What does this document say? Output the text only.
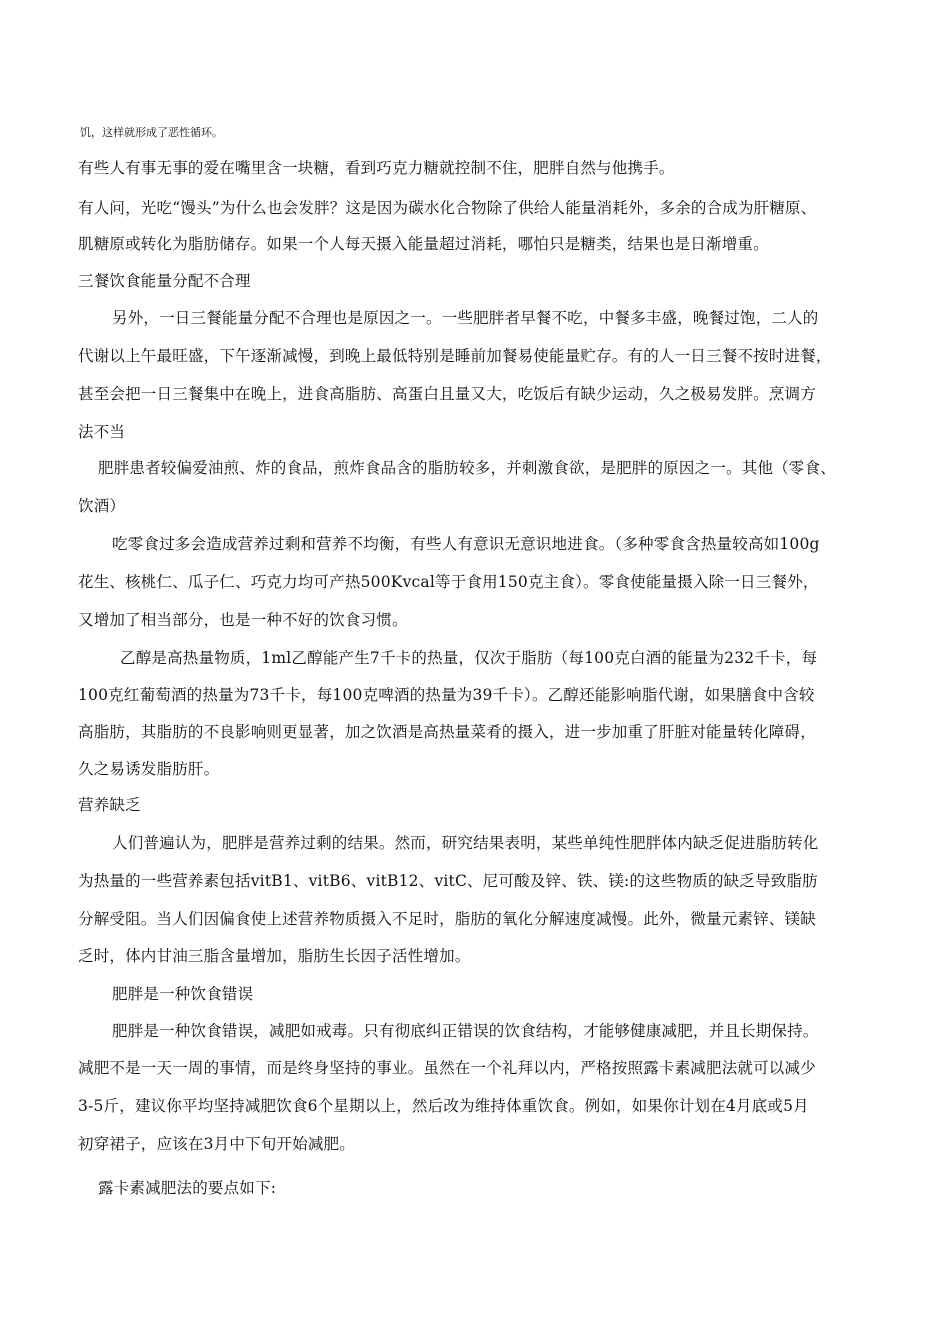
饥，这样就形成了恶性循环。
有些人有事无事的爱在嘴里含一块糖，看到巧克力糖就控制不住，肥胖自然与他携手。
有人问，光吃“馒头”为什么也会发胖？这是因为碳水化合物除了供给人能量消耗外，多余的合成为肝糖原、
肌糖原或转化为脂肪储存。如果一个人每天摄入能量超过消耗，哪怕只是糖类，结果也是日渐增重。
三餐饮食能量分配不合理
另外，一日三餐能量分配不合理也是原因之一。一些肥胖者早餐不吃，中餐多丰盛，晚餐过饱，二人的
代谢以上午最旺盛，下午逐渐减慢，到晚上最低特别是睡前加餐易使能量贮存。有的人一日三餐不按时进餐，
甚至会把一日三餐集中在晚上，进食高脂肪、高蛋白且量又大，吃饭后有缺少运动，久之极易发胖。烹调方
法不当
肥胖患者较偏爱油煎、炸的食品，煎炸食品含的脂肪较多，并刺激食欲，是肥胖的原因之一。其他（零食、
饮酒）
吃零食过多会造成营养过剩和营养不均衡，有些人有意识无意识地进食。（多种零食含热量较高如100g
花生、核桃仁、瓜子仁、巧克力均可产热500Kvcal等于食用150克主食）。零食使能量摄入除一日三餐外，
又增加了相当部分，也是一种不好的饮食习惯。
乙醇是高热量物质，1ml乙醇能产生7千卡的热量，仅次于脂肪（每100克白酒的能量为232千卡，每
100克红葡萄酒的热量为73千卡，每100克啤酒的热量为39千卡）。乙醇还能影响脂代谢，如果膳食中含较
高脂肪，其脂肪的不良影响则更显著，加之饮酒是高热量菜肴的摄入，进一步加重了肝脏对能量转化障碍，
久之易诱发脂肪肝。
营养缺乏
人们普遍认为，肥胖是营养过剩的结果。然而，研究结果表明，某些单纯性肥胖体内缺乏促进脂肪转化
为热量的一些营养素包括vitB1、vitB6、vitB12、vitC、尼可酸及锌、铁、镁:的这些物质的缺乏导致脂肪
分解受阻。当人们因偏食使上述营养物质摄入不足时，脂肪的氧化分解速度减慢。此外，微量元素锌、镁缺
乏时，体内甘油三脂含量增加，脂肪生长因子活性增加。
肥胖是一种饮食错误
肥胖是一种饮食错误，减肥如戒毒。只有彻底纠正错误的饮食结构，才能够健康减肥，并且长期保持。
减肥不是一天一周的事情，而是终身坚持的事业。虽然在一个礼拜以内，严格按照露卡素减肥法就可以减少
3-5斤，建议你平均坚持减肥饮食6个星期以上，然后改为维持体重饮食。例如，如果你计划在4月底或5月
初穿裙子，应该在3月中下旬开始减肥。
露卡素减肥法的要点如下:
